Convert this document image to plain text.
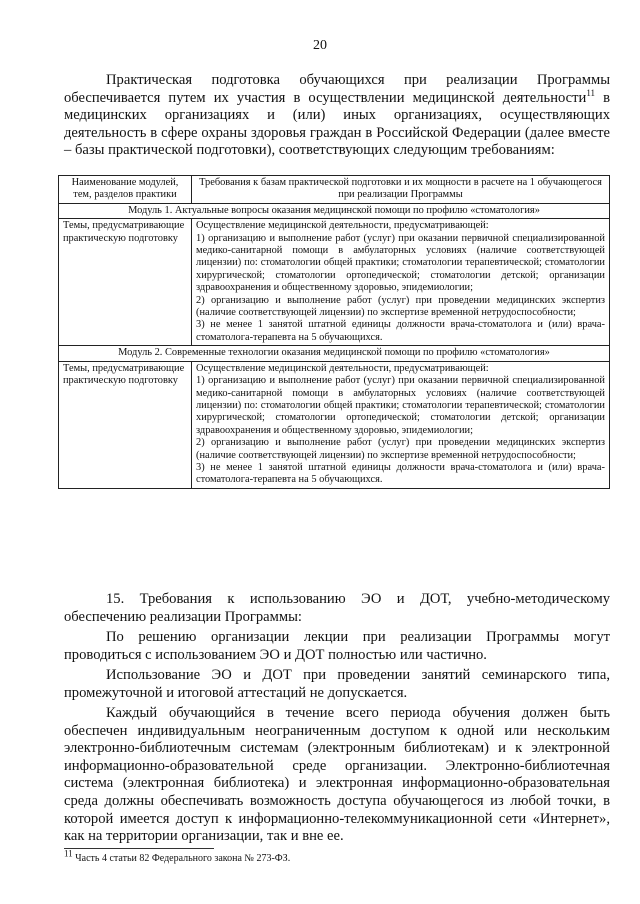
20

Практическая подготовка обучающихся при реализации Программы обеспечивается путем их участия в осуществлении медицинской деятельности$^{11}$ в медицинских организациях и (или) иных организациях, осуществляющих деятельность в сфере охраны здоровья граждан в Российской Федерации (далее вместе – базы практической подготовки), соответствующих следующим требованиям:

Наименование модулей, тем, разделов практики	Требования к базам практической подготовки и их мощности в расчете на 1 обучающегося при реализации Программы
Модуль 1. Актуальные вопросы оказания медицинской помощи по профилю «стоматология»	
Темы, предусматривающие практическую подготовку	Осуществление медицинской деятельности, предусматривающей:
1) организацию и выполнение работ (услуг) при оказании первичной специализированной медико-санитарной помощи в амбулаторных условиях (наличие соответствующей лицензии) по: стоматологии общей практики; стоматологии терапевтической; стоматологии хирургической; стоматологии ортопедической; стоматологии детской; организации здравоохранения и общественному здоровью, эпидемиологии;
2) организацию и выполнение работ (услуг) при проведении медицинских экспертиз (наличие соответствующей лицензии) по экспертизе временной нетрудоспособности;
3) не менее 1 занятой штатной единицы должности врача-стоматолога и (или) врача-стоматолога-терапевта на 5 обучающихся.

Модуль 2. Современные технологии оказания медицинской помощи по профилю «стоматология»	
Темы, предусматривающие практическую подготовку	Осуществление медицинской деятельности, предусматривающей:
1) организацию и выполнение работ (услуг) при оказании первичной специализированной медико-санитарной помощи в амбулаторных условиях (наличие соответствующей лицензии) по: стоматологии общей практики; стоматологии терапевтической; стоматологии хирургической; стоматологии ортопедической; стоматологии детской; организации здравоохранения и общественному здоровью, эпидемиологии;
2) организацию и выполнение работ (услуг) при проведении медицинских экспертиз (наличие соответствующей лицензии) по экспертизе временной нетрудоспособности;
3) не менее 1 занятой штатной единицы должности врача-стоматолога и (или) врача-стоматолога-терапевта на 5 обучающихся.

15. Требования к использованию ЭО и ДОТ, учебно-методическому обеспечению реализации Программы:

По решению организации лекции при реализации Программы могут проводиться с использованием ЭО и ДОТ полностью или частично.

Использование ЭО и ДОТ при проведении занятий семинарского типа, промежуточной и итоговой аттестаций не допускается.

Каждый обучающийся в течение всего периода обучения должен быть обеспечен индивидуальным неограниченным доступом к одной или нескольким электронно-библиотечным системам (электронным библиотекам) и к электронной информационно-образовательной среде организации. Электронно-библиотечная система (электронная библиотека) и электронная информационно-образовательная среда должны обеспечивать возможность доступа обучающегося из любой точки, в которой имеется доступ к информационно-телекоммуникационной сети «Интернет», как на территории организации, так и вне ее.

$^{11}$ Часть 4 статьи 82 Федерального закона № 273-ФЗ.
